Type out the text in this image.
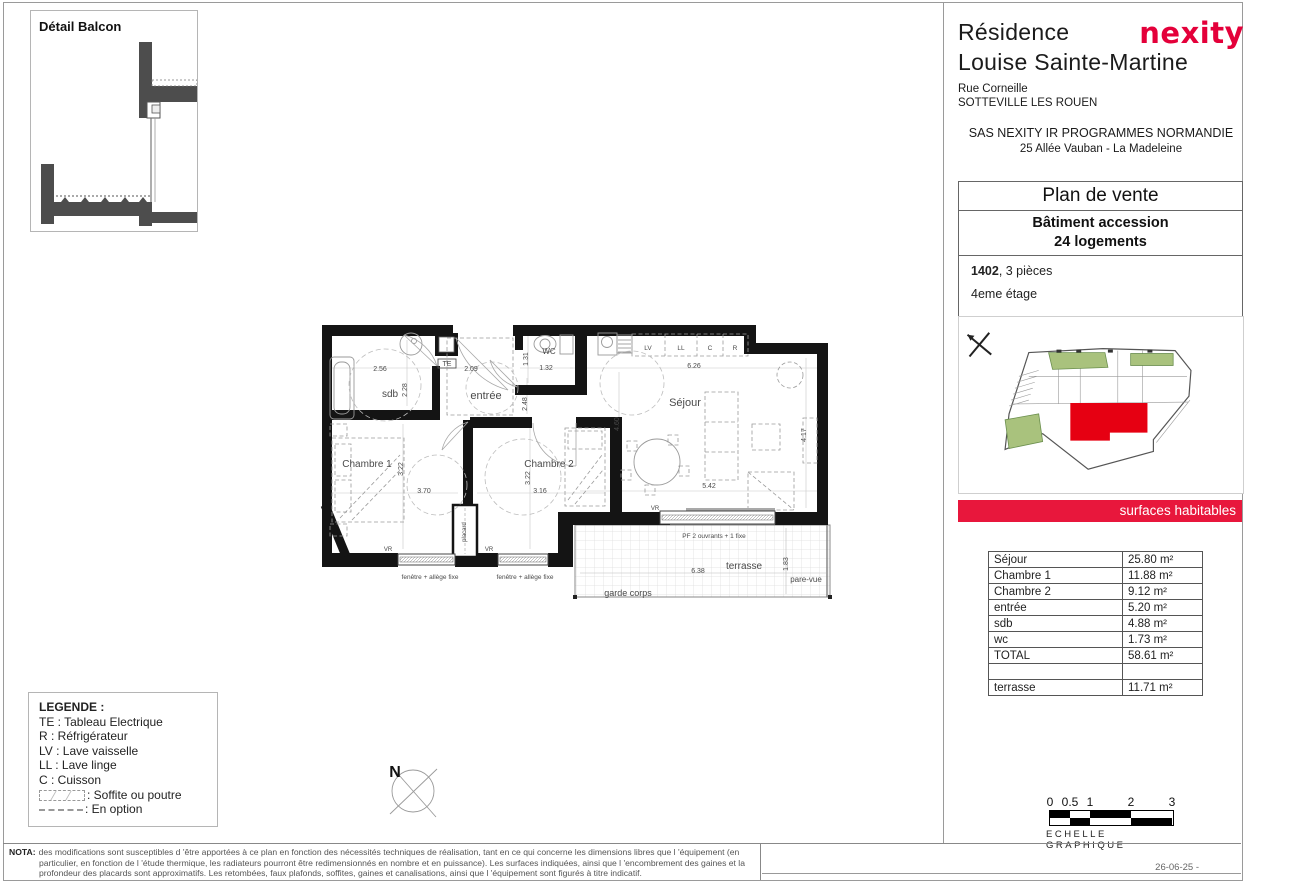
Détail Balcon
sdb	entrée
WC
Séjour
Chambre 1	Chambre 2
terrasse
placard
2.56
2.28
2.09
1.31
1.32	6.26
4.60
4.17
5.42
3.70
3.22
3.16
3.22
2.48
6.38
1.83
TE
LV	LL	C	R
VR	VR
VR
fenêtre + allège fixe	fenêtre + allège fixe
PF 2 ouvrants + 1 fixe
pare-vue
garde corps
N
LEGENDE :
TE : Tableau Electrique
R : Réfrigérateur
LV : Lave vaisselle
LL : Lave linge
C : Cuisson
: Soffite ou poutre
: En option
Résidence nexity
Louise Sainte-Martine
Rue Corneille
SOTTEVILLE LES ROUEN
SAS NEXITY IR PROGRAMMES NORMANDIE
25 Allée Vauban - La Madeleine
Plan de vente
Bâtiment accession
24 logements
1402, 3 pièces
4eme étage
surfaces habitables
Séjour	25.80 m²
Chambre 1	11.88 m²
Chambre 2	9.12 m²
entrée	5.20 m²
sdb	4.88 m²
wc	1.73 m²
TOTAL	58.61 m²

terrasse	11.71 m²
0 0.5 1	2	3
ECHELLE GRAPHIQUE
NOTA: des modifications sont susceptibles d 'être apportées à ce plan en fonction des nécessités techniques de réalisation, tant en ce qui concerne les dimensions libres que l 'équipement (en particulier, en fonction de l 'étude thermique, les radiateurs pourront être redimensionnés en nombre et en puissance). Les surfaces indiquées, ainsi que l 'encombrement des gaines et la profondeur des placards sont approximatifs. Les retombées, faux plafonds, soffites, gaines et canalisations, ainsi que l 'équipement sont figurés à titre indicatif.
26-06-25 -
